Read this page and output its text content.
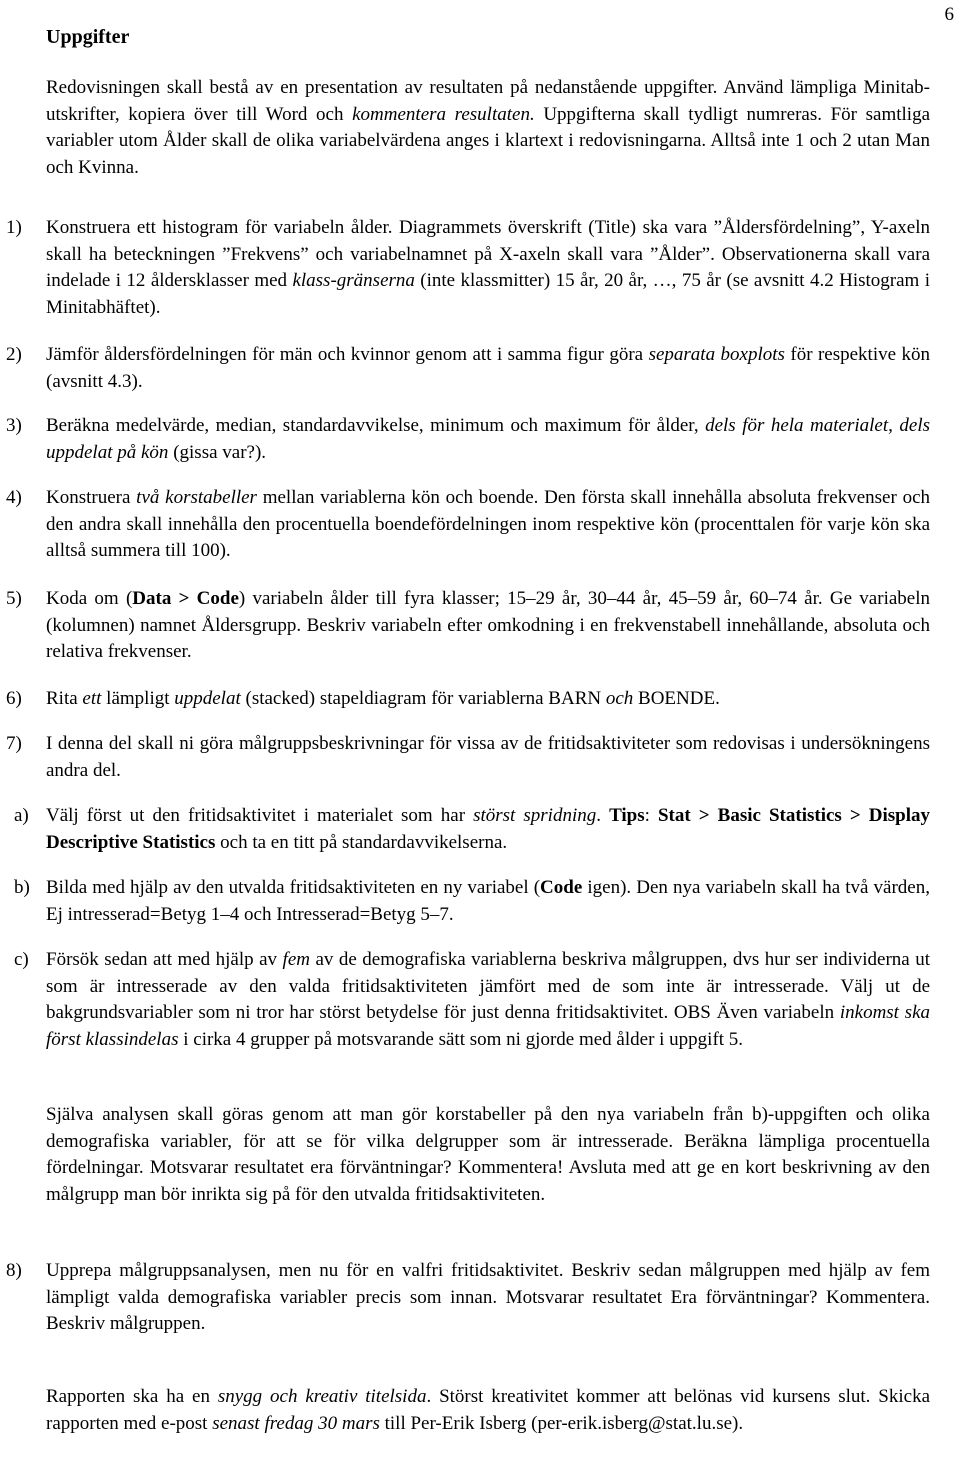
6
Uppgifter

Redovisningen skall bestå av en presentation av resultaten på nedanstående uppgifter. Använd lämpliga Minitab-utskrifter, kopiera över till Word och kommentera resultaten. Uppgifterna skall tydligt numreras. För samtliga variabler utom Ålder skall de olika variabelvärdena anges i klartext i redovisningarna. Alltså inte 1 och 2 utan Man och Kvinna.

1)	Konstruera ett histogram för variabeln ålder. Diagrammets överskrift (Title) ska vara ”Åldersfördelning”, Y-axeln skall ha beteckningen ”Frekvens” och variabelnamnet på X-axeln skall vara ”Ålder”. Observationerna skall vara indelade i 12 åldersklasser med klass-gränserna (inte klassmitter) 15 år, 20 år, …, 75 år (se avsnitt 4.2 Histogram i Minitabhäftet).
2)	Jämför åldersfördelningen för män och kvinnor genom att i samma figur göra separata boxplots för respektive kön (avsnitt 4.3).
3)	Beräkna medelvärde, median, standardavvikelse, minimum och maximum för ålder, dels för hela materialet, dels uppdelat på kön (gissa var?).
4)	Konstruera två korstabeller mellan variablerna kön och boende. Den första skall innehålla absoluta frekvenser och den andra skall innehålla den procentuella boendefördelningen inom respektive kön (procenttalen för varje kön ska alltså summera till 100).
5)	Koda om (Data > Code) variabeln ålder till fyra klasser; 15–29 år, 30–44 år, 45–59 år, 60–74 år. Ge variabeln (kolumnen) namnet Åldersgrupp. Beskriv variabeln efter omkodning i en frekvenstabell innehållande, absoluta och relativa frekvenser.
6)	Rita ett lämpligt uppdelat (stacked) stapeldiagram för variablerna BARN och BOENDE.
7)	I denna del skall ni göra målgruppsbeskrivningar för vissa av de fritidsaktiviteter som redovisas i undersökningens andra del.
a) Välj först ut den fritidsaktivitet i materialet som har störst spridning. Tips: Stat > Basic Statistics > Display Descriptive Statistics och ta en titt på standardavvikelserna.
b) Bilda med hjälp av den utvalda fritidsaktiviteten en ny variabel (Code igen). Den nya variabeln skall ha två värden, Ej intresserad=Betyg 1–4 och Intresserad=Betyg 5–7.
c) Försök sedan att med hjälp av fem av de demografiska variablerna beskriva målgruppen, dvs hur ser individerna ut som är intresserade av den valda fritidsaktiviteten jämfört med de som inte är intresserade. Välj ut de bakgrundsvariabler som ni tror har störst betydelse för just denna fritidsaktivitet. OBS Även variabeln inkomst ska först klassindelas i cirka 4 grupper på motsvarande sätt som ni gjorde med ålder i uppgift 5.

Själva analysen skall göras genom att man gör korstabeller på den nya variabeln från b)-uppgiften och olika demografiska variabler, för att se för vilka delgrupper som är intresserade. Beräkna lämpliga procentuella fördelningar. Motsvarar resultatet era förväntningar? Kommentera! Avsluta med att ge en kort beskrivning av den målgrupp man bör inrikta sig på för den utvalda fritidsaktiviteten.

8)	Upprepa målgruppsanalysen, men nu för en valfri fritidsaktivitet. Beskriv sedan målgruppen med hjälp av fem lämpligt valda demografiska variabler precis som innan. Motsvarar resultatet Era förväntningar? Kommentera. Beskriv målgruppen.

Rapporten ska ha en snygg och kreativ titelsida. Störst kreativitet kommer att belönas vid kursens slut. Skicka rapporten med e-post senast fredag 30 mars till Per-Erik Isberg (per-erik.isberg@stat.lu.se).
